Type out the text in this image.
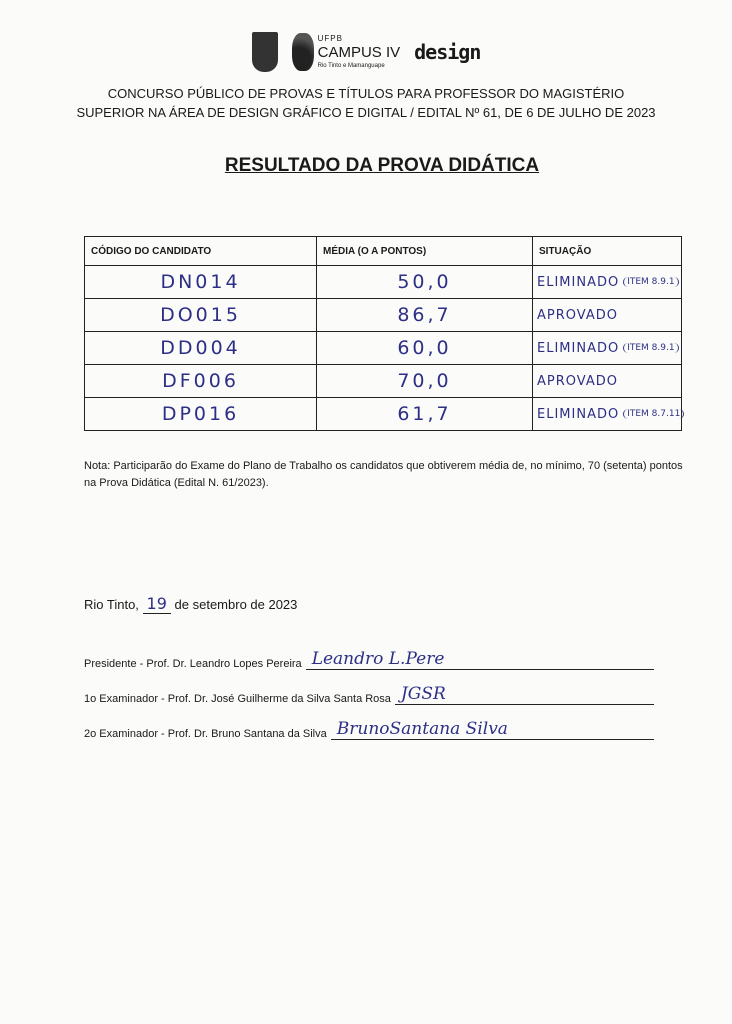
UFPB
CAMPUS IV
Rio Tinto e Mamanguape
design
CONCURSO PÚBLICO DE PROVAS E TÍTULOS PARA PROFESSOR DO MAGISTÉRIO
SUPERIOR NA ÁREA DE DESIGN GRÁFICO E DIGITAL / EDITAL Nº 61, DE 6 DE JULHO DE 2023
RESULTADO DA PROVA DIDÁTICA
CÓDIGO DO CANDIDATO	MÉDIA (O A PONTOS)	SITUAÇÃO
DN014	50,0	ELIMINADO ITEM 8.9.1
DO015	86,7	APROVADO
DD004	60,0	ELIMINADO ITEM 8.9.1
DF006	70,0	APROVADO
DP016	61,7	ELIMINADO ITEM 8.7.11
Nota: Participarão do Exame do Plano de Trabalho os candidatos que obtiverem média de, no mínimo, 70 (setenta) pontos na Prova Didática (Edital N. 61/2023).
Rio Tinto, 19 de setembro de 2023
Presidente - Prof. Dr. Leandro Lopes Pereira Leandro L.Pere
1o Examinador - Prof. Dr. José Guilherme da Silva Santa Rosa JGSR
2o Examinador - Prof. Dr. Bruno Santana da Silva BrunoSantana Silva
